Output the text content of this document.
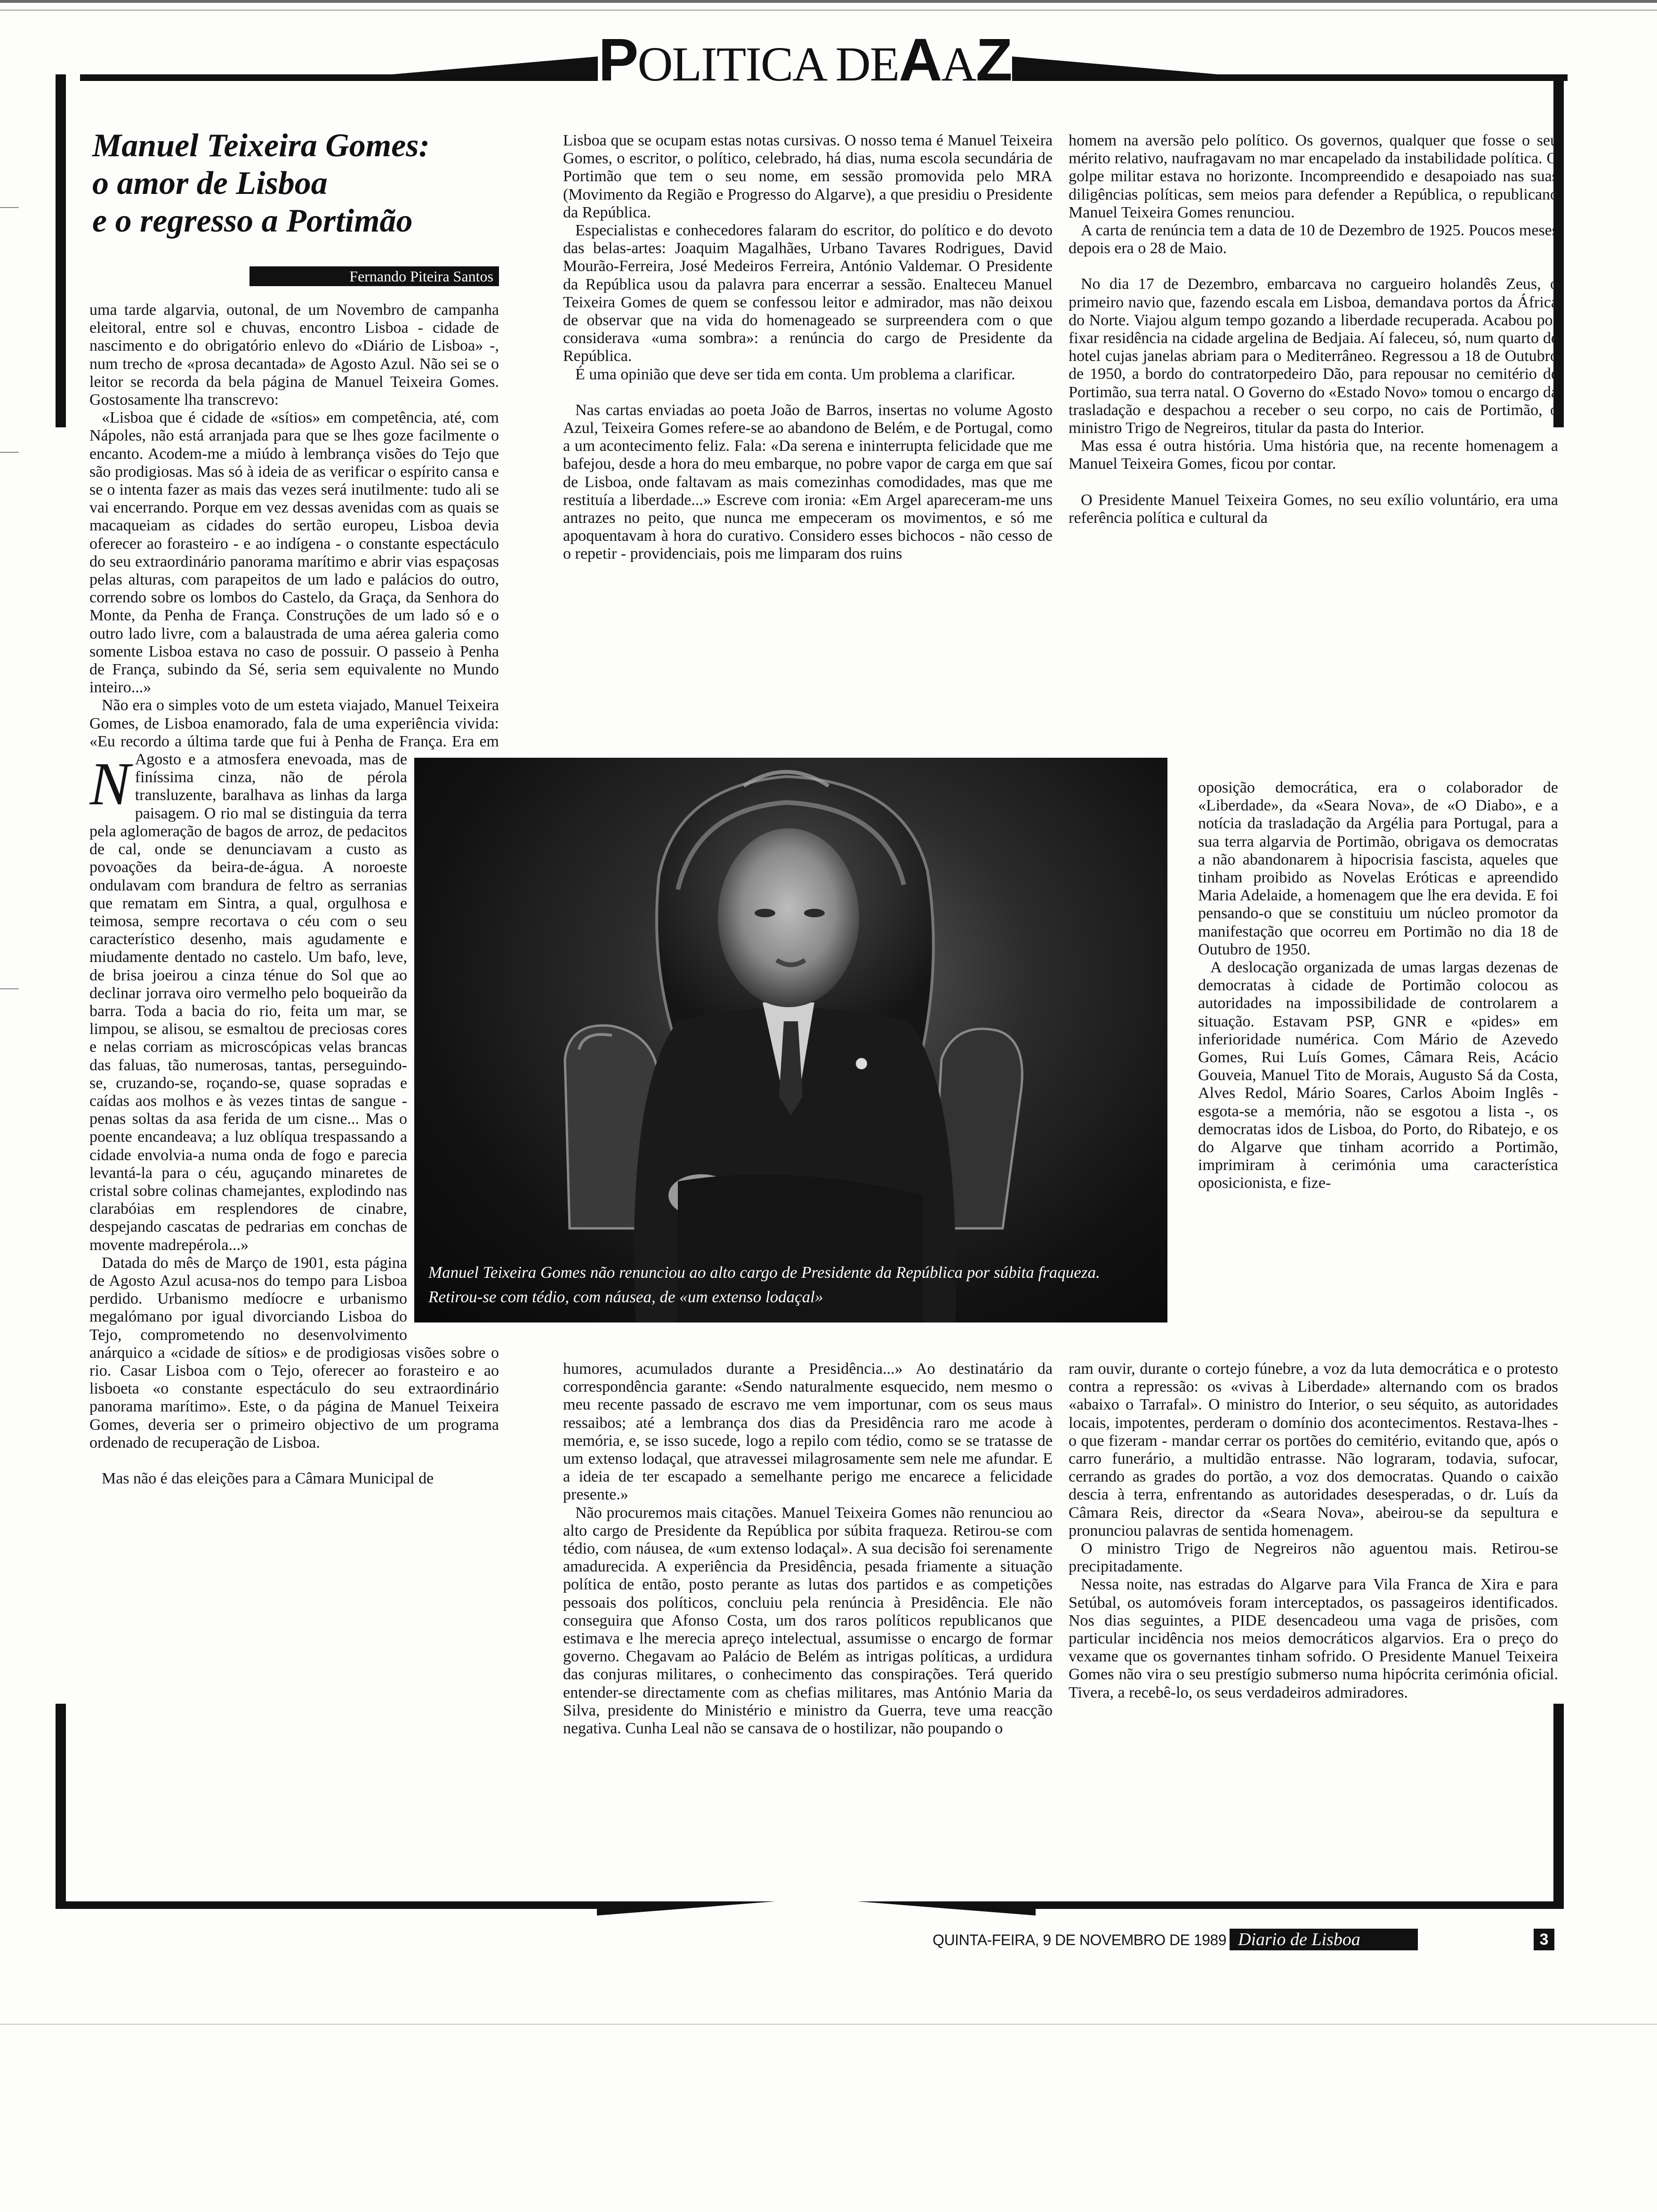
POLITICA DEAAZ
Manuel Teixeira Gomes:
o amor de Lisboa
e o regresso a Portimão
Fernando Piteira Santos

N
uma tarde algarvia, outonal, de um Novembro de campanha eleitoral, entre sol e chuvas, encontro Lisboa - cidade de nascimento e do obrigatório enlevo do «Diário de Lisboa» -, num trecho de «prosa decantada» de Agosto Azul. Não sei se o leitor se recorda da bela página de Manuel Teixeira Gomes. Gostosamente lha transcrevo:

«Lisboa que é cidade de «sítios» em competência, até, com Nápoles, não está arranjada para que se lhes goze facilmente o encanto. Acodem-me a miúdo à lembrança visões do Tejo que são prodigiosas. Mas só à ideia de as verificar o espírito cansa e se o intenta fazer as mais das vezes será inutilmente: tudo ali se vai encerrando. Porque em vez dessas avenidas com as quais se macaqueiam as cidades do sertão europeu, Lisboa devia oferecer ao forasteiro - e ao indígena - o constante espectáculo do seu extraordinário panorama marítimo e abrir vias espaçosas pelas alturas, com parapeitos de um lado e palácios do outro, correndo sobre os lombos do Castelo, da Graça, da Senhora do Monte, da Penha de França. Construções de um lado só e o outro lado livre, com a balaustrada de uma aérea galeria como somente Lisboa estava no caso de possuir. O passeio à Penha de França, subindo da Sé, seria sem equivalente no Mundo inteiro...»

Não era o simples voto de um esteta viajado, Manuel Teixeira Gomes, de Lisboa enamorado, fala de uma experiência vivida: «Eu recordo a última tarde que fui à Penha de França. Era em Agosto e a atmosfera enevoada, mas de finíssima cinza, não de pérola transluzente, baralhava as linhas da larga paisagem. O rio mal se distinguia da terra pela aglomeração de bagos de arroz, de pedacitos de cal, onde se denunciavam a custo as povoações da beira-de-água. A noroeste ondulavam com brandura de feltro as serranias que rematam em Sintra, a qual, orgulhosa e teimosa, sempre recortava o céu com o seu característico desenho, mais agudamente e miudamente dentado no castelo. Um bafo, leve, de brisa joeirou a cinza ténue do Sol que ao declinar jorrava oiro vermelho pelo boqueirão da barra. Toda a bacia do rio, feita um mar, se limpou, se alisou, se esmaltou de preciosas cores e nelas corriam as microscópicas velas brancas das faluas, tão numerosas, tantas, perseguindo-se, cruzando-se, roçando-se, quase sopradas e caídas aos molhos e às vezes tintas de sangue - penas soltas da asa ferida de um cisne... Mas o poente encandeava; a luz oblíqua trespassando a cidade envolvia-a numa onda de fogo e parecia levantá-la para o céu, aguçando minaretes de cristal sobre colinas chamejantes, explodindo nas clarabóias em resplendores de cinabre, despejando cascatas de pedrarias em conchas de movente madrepérola...»

Datada do mês de Março de 1901, esta página de Agosto Azul acusa-nos do tempo para Lisboa perdido. Urbanismo medíocre e urbanismo megalómano por igual divorciando Lisboa do Tejo, comprometendo no desenvolvimento anárquico a «cidade de sítios» e de prodigiosas visões sobre o rio. Casar Lisboa com o Tejo, oferecer ao forasteiro e ao lisboeta «o constante espectáculo do seu extraordinário panorama marítimo». Este, o da página de Manuel Teixeira Gomes, deveria ser o primeiro objectivo de um programa ordenado de recuperação de Lisboa.

Mas não é das eleições para a Câmara Municipal de

Lisboa que se ocupam estas notas cursivas. O nosso tema é Manuel Teixeira Gomes, o escritor, o político, celebrado, há dias, numa escola secundária de Portimão que tem o seu nome, em sessão promovida pelo MRA (Movimento da Região e Progresso do Algarve), a que presidiu o Presidente da República.

Especialistas e conhecedores falaram do escritor, do político e do devoto das belas-artes: Joaquim Magalhães, Urbano Tavares Rodrigues, David Mourão-Ferreira, José Medeiros Ferreira, António Valdemar. O Presidente da República usou da palavra para encerrar a sessão. Enalteceu Manuel Teixeira Gomes de quem se confessou leitor e admirador, mas não deixou de observar que na vida do homenageado se surpreendera com o que considerava «uma sombra»: a renúncia do cargo de Presidente da República.

É uma opinião que deve ser tida em conta. Um problema a clarificar.

Nas cartas enviadas ao poeta João de Barros, insertas no volume Agosto Azul, Teixeira Gomes refere-se ao abandono de Belém, e de Portugal, como a um acontecimento feliz. Fala: «Da serena e ininterrupta felicidade que me bafejou, desde a hora do meu embarque, no pobre vapor de carga em que saí de Lisboa, onde faltavam as mais comezinhas comodidades, mas que me restituía a liberdade...» Escreve com ironia: «Em Argel apareceram-me uns antrazes no peito, que nunca me empeceram os movimentos, e só me apoquentavam à hora do curativo. Considero esses bichocos - não cesso de o repetir - providenciais, pois me limparam dos ruins

humores, acumulados durante a Presidência...» Ao destinatário da correspondência garante: «Sendo naturalmente esquecido, nem mesmo o meu recente passado de escravo me vem importunar, com os seus maus ressaibos; até a lembrança dos dias da Presidência raro me acode à memória, e, se isso sucede, logo a repilo com tédio, como se se tratasse de um extenso lodaçal, que atravessei milagrosamente sem nele me afundar. E a ideia de ter escapado a semelhante perigo me encarece a felicidade presente.»

Não procuremos mais citações. Manuel Teixeira Gomes não renunciou ao alto cargo de Presidente da República por súbita fraqueza. Retirou-se com tédio, com náusea, de «um extenso lodaçal». A sua decisão foi serenamente amadurecida. A experiência da Presidência, pesada friamente a situação política de então, posto perante as lutas dos partidos e as competições pessoais dos políticos, concluiu pela renúncia à Presidência. Ele não conseguira que Afonso Costa, um dos raros políticos republicanos que estimava e lhe merecia apreço intelectual, assumisse o encargo de formar governo. Chegavam ao Palácio de Belém as intrigas políticas, a urdidura das conjuras militares, o conhecimento das conspirações. Terá querido entender-se directamente com as chefias militares, mas António Maria da Silva, presidente do Ministério e ministro da Guerra, teve uma reacção negativa. Cunha Leal não se cansava de o hostilizar, não poupando o

homem na aversão pelo político. Os governos, qualquer que fosse o seu mérito relativo, naufragavam no mar encapelado da instabilidade política. O golpe militar estava no horizonte. Incompreendido e desapoiado nas suas diligências políticas, sem meios para defender a República, o republicano Manuel Teixeira Gomes renunciou.

A carta de renúncia tem a data de 10 de Dezembro de 1925. Poucos meses depois era o 28 de Maio.

No dia 17 de Dezembro, embarcava no cargueiro holandês Zeus, o primeiro navio que, fazendo escala em Lisboa, demandava portos da África do Norte. Viajou algum tempo gozando a liberdade recuperada. Acabou por fixar residência na cidade argelina de Bedjaia. Aí faleceu, só, num quarto de hotel cujas janelas abriam para o Mediterrâneo. Regressou a 18 de Outubro de 1950, a bordo do contratorpedeiro Dão, para repousar no cemitério de Portimão, sua terra natal. O Governo do «Estado Novo» tomou o encargo da trasladação e despachou a receber o seu corpo, no cais de Portimão, o ministro Trigo de Negreiros, titular da pasta do Interior.

Mas essa é outra história. Uma história que, na recente homenagem a Manuel Teixeira Gomes, ficou por contar.

O Presidente Manuel Teixeira Gomes, no seu exílio voluntário, era uma referência política e cultural da

oposição democrática, era o colaborador de «Liberdade», da «Seara Nova», de «O Diabo», e a notícia da trasladação da Argélia para Portugal, para a sua terra algarvia de Portimão, obrigava os democratas a não abandonarem à hipocrisia fascista, aqueles que tinham proibido as Novelas Eróticas e apreendido Maria Adelaide, a homenagem que lhe era devida. E foi pensando-o que se constituiu um núcleo promotor da manifestação que ocorreu em Portimão no dia 18 de Outubro de 1950.

A deslocação organizada de umas largas dezenas de democratas à cidade de Portimão colocou as autoridades na impossibilidade de controlarem a situação. Estavam PSP, GNR e «pides» em inferioridade numérica. Com Mário de Azevedo Gomes, Rui Luís Gomes, Câmara Reis, Acácio Gouveia, Manuel Tito de Morais, Augusto Sá da Costa, Alves Redol, Mário Soares, Carlos Aboim Inglês - esgota-se a memória, não se esgotou a lista -, os democratas idos de Lisboa, do Porto, do Ribatejo, e os do Algarve que tinham acorrido a Portimão, imprimiram à cerimónia uma característica oposicionista, e fize-

ram ouvir, durante o cortejo fúnebre, a voz da luta democrática e o protesto contra a repressão: os «vivas à Liberdade» alternando com os brados «abaixo o Tarrafal». O ministro do Interior, o seu séquito, as autoridades locais, impotentes, perderam o domínio dos acontecimentos. Restava-lhes - o que fizeram - mandar cerrar os portões do cemitério, evitando que, após o carro funerário, a multidão entrasse. Não lograram, todavia, sufocar, cerrando as grades do portão, a voz dos democratas. Quando o caixão descia à terra, enfrentando as autoridades desesperadas, o dr. Luís da Câmara Reis, director da «Seara Nova», abeirou-se da sepultura e pronunciou palavras de sentida homenagem.

O ministro Trigo de Negreiros não aguentou mais. Retirou-se precipitadamente.

Nessa noite, nas estradas do Algarve para Vila Franca de Xira e para Setúbal, os automóveis foram interceptados, os passageiros identificados. Nos dias seguintes, a PIDE desencadeou uma vaga de prisões, com particular incidência nos meios democráticos algarvios. Era o preço do vexame que os governantes tinham sofrido. O Presidente Manuel Teixeira Gomes não vira o seu prestígio submerso numa hipócrita cerimónia oficial. Tivera, a recebê-lo, os seus verdadeiros admiradores.

Manuel Teixeira Gomes não renunciou ao alto cargo de Presidente da República por súbita fraqueza. Retirou-se com tédio, com náusea, de «um extenso lodaçal»
QUINTA-FEIRA, 9 DE NOVEMBRO DE 1989 Diario de Lisboa	3
